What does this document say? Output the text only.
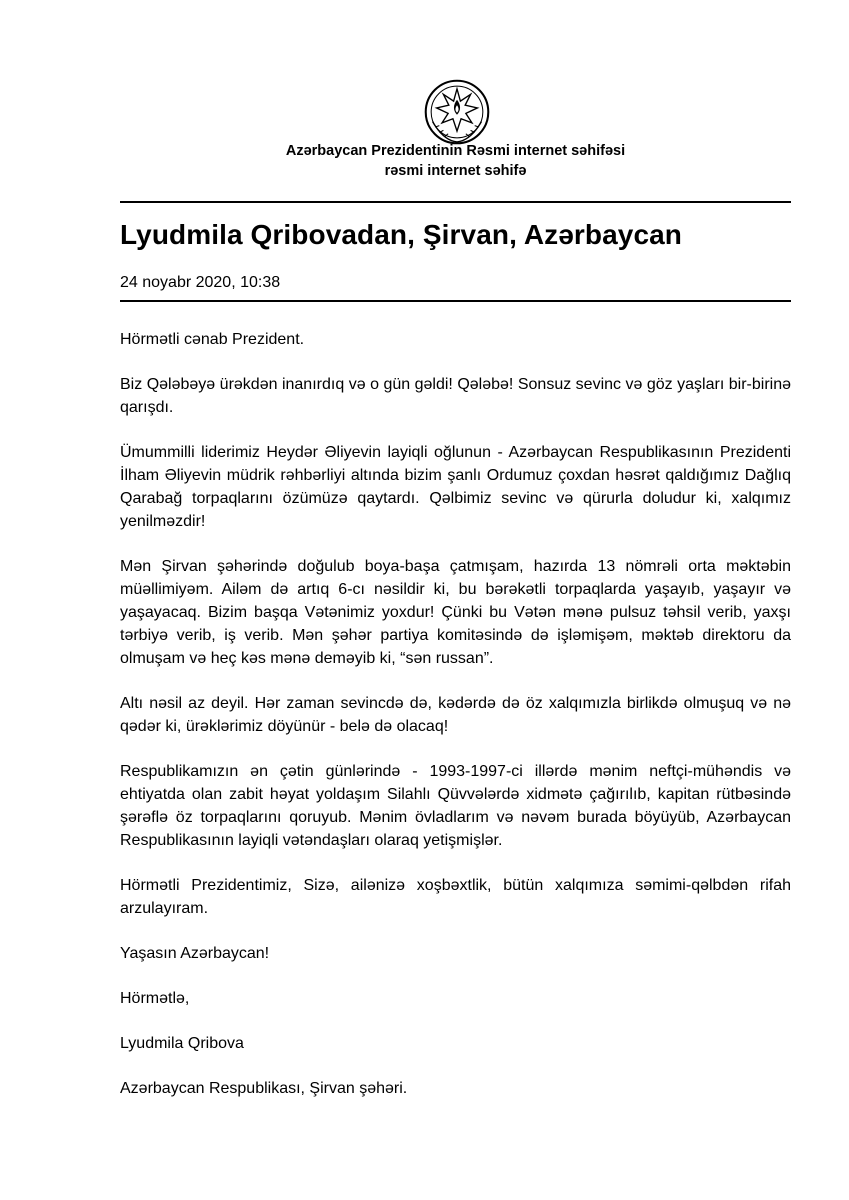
Azərbaycan Prezidentinin Rəsmi internet səhifəsi
rəsmi internet səhifə
Lyudmila Qribovadan, Şirvan, Azərbaycan
24 noyabr 2020, 10:38

Hörmətli cənab Prezident.

Biz Qələbəyə ürəkdən inanırdıq və o gün gəldi! Qələbə! Sonsuz sevinc və göz yaşları bir-birinə qarışdı.

Ümummilli liderimiz Heydər Əliyevin layiqli oğlunun - Azərbaycan Respublikasının Prezidenti İlham Əliyevin müdrik rəhbərliyi altında bizim şanlı Ordumuz çoxdan həsrət qaldığımız Dağlıq Qarabağ torpaqlarını özümüzə qaytardı. Qəlbimiz sevinc və qürurla doludur ki, xalqımız yenilməzdir!

Mən Şirvan şəhərində doğulub boya-başa çatmışam, hazırda 13 nömrəli orta məktəbin müəllimiyəm. Ailəm də artıq 6-cı nəsildir ki, bu bərəkətli torpaqlarda yaşayıb, yaşayır və yaşayacaq. Bizim başqa Vətənimiz yoxdur! Çünki bu Vətən mənə pulsuz təhsil verib, yaxşı tərbiyə verib, iş verib. Mən şəhər partiya komitəsində də işləmişəm, məktəb direktoru da olmuşam və heç kəs mənə deməyib ki, “sən russan”.

Altı nəsil az deyil. Hər zaman sevincdə də, kədərdə də öz xalqımızla birlikdə olmuşuq və nə qədər ki, ürəklərimiz döyünür - belə də olacaq!

Respublikamızın ən çətin günlərində - 1993-1997-ci illərdə mənim neftçi-mühəndis və ehtiyatda olan zabit həyat yoldaşım Silahlı Qüvvələrdə xidmətə çağırılıb, kapitan rütbəsində şərəflə öz torpaqlarını qoruyub. Mənim övladlarım və nəvəm burada böyüyüb, Azərbaycan Respublikasının layiqli vətəndaşları olaraq yetişmişlər.

Hörmətli Prezidentimiz, Sizə, ailənizə xoşbəxtlik, bütün xalqımıza səmimi-qəlbdən rifah arzulayıram.

Yaşasın Azərbaycan!

Hörmətlə,

Lyudmila Qribova

Azərbaycan Respublikası, Şirvan şəhəri.
